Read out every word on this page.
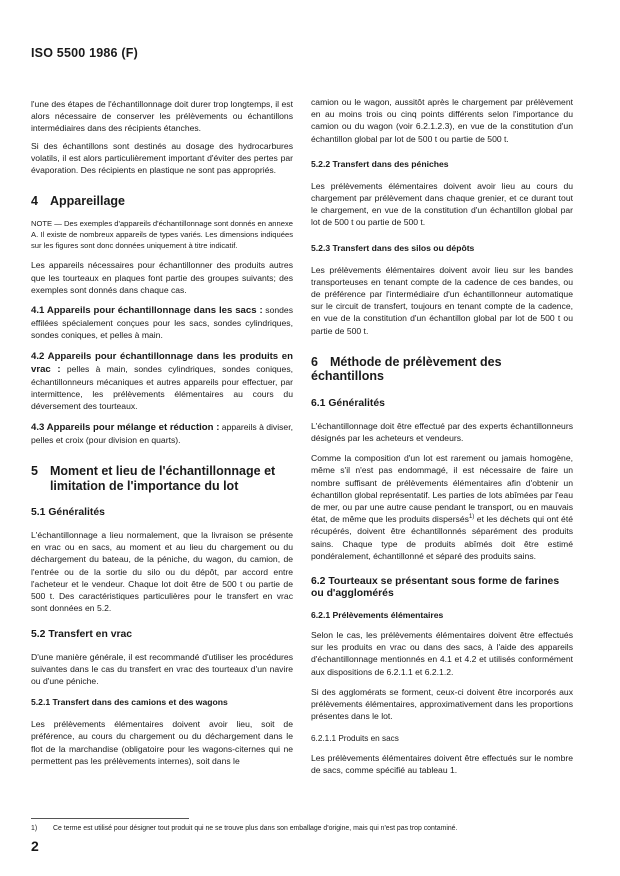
ISO 5500 1986 (F)

l'une des étapes de l'échantillonnage doit durer trop longtemps, il est alors nécessaire de conserver les prélèvements ou échantillons intermédiaires dans des récipients étanches.

Si des échantillons sont destinés au dosage des hydrocarbures volatils, il est alors particulièrement important d'éviter des pertes par évaporation. Des récipients en plastique ne sont pas appropriés.

4 Appareillage

NOTE — Des exemples d'appareils d'échantillonnage sont donnés en annexe A. Il existe de nombreux appareils de types variés. Les dimensions indiquées sur les figures sont donc données uniquement à titre indicatif.

Les appareils nécessaires pour échantillonner des produits autres que les tourteaux en plaques font partie des groupes suivants; des exemples sont donnés dans chaque cas.

4.1 Appareils pour échantillonnage dans les sacs : sondes effilées spécialement conçues pour les sacs, sondes cylindriques, sondes coniques, et pelles à main.

4.2 Appareils pour échantillonnage dans les produits en vrac : pelles à main, sondes cylindriques, sondes coniques, échantillonneurs mécaniques et autres appareils pour effectuer, par intermittence, les prélèvements élémentaires au cours du déversement des tourteaux.

4.3 Appareils pour mélange et réduction : appareils à diviser, pelles et croix (pour division en quarts).

5 Moment et lieu de l'échantillonnage et limitation de l'importance du lot
5.1 Généralités

L'échantillonnage a lieu normalement, que la livraison se présente en vrac ou en sacs, au moment et au lieu du chargement ou du déchargement du bateau, de la péniche, du wagon, du camion, de l'entrée ou de la sortie du silo ou du dépôt, par accord entre l'acheteur et le vendeur. Chaque lot doit être de 500 t ou partie de 500 t. Des caractéristiques particulières pour le transfert en vrac sont données en 5.2.

5.2 Transfert en vrac

D'une manière générale, il est recommandé d'utiliser les procédures suivantes dans le cas du transfert en vrac des tourteaux d'un navire ou d'une péniche.

5.2.1 Transfert dans des camions et des wagons

Les prélèvements élémentaires doivent avoir lieu, soit de préférence, au cours du chargement ou du déchargement dans le flot de la marchandise (obligatoire pour les wagons-citernes qui ne permettent pas les prélèvements internes), soit dans le

camion ou le wagon, aussitôt après le chargement par prélèvement en au moins trois ou cinq points différents selon l'importance du camion ou du wagon (voir 6.2.1.2.3), en vue de la constitution d'un échantillon global par lot de 500 t ou partie de 500 t.

5.2.2 Transfert dans des péniches

Les prélèvements élémentaires doivent avoir lieu au cours du chargement par prélèvement dans chaque grenier, et ce durant tout le chargement, en vue de la constitution d'un échantillon global par lot de 500 t ou partie de 500 t.

5.2.3 Transfert dans des silos ou dépôts

Les prélèvements élémentaires doivent avoir lieu sur les bandes transporteuses en tenant compte de la cadence de ces bandes, ou de préférence par l'intermédiaire d'un échantillonneur automatique sur le circuit de transfert, toujours en tenant compte de la cadence, en vue de la constitution d'un échantillon global par lot de 500 t ou partie de 500 t.

6 Méthode de prélèvement des échantillons
6.1 Généralités

L'échantillonnage doit être effectué par des experts échantillonneurs désignés par les acheteurs et vendeurs.

Comme la composition d'un lot est rarement ou jamais homogène, même s'il n'est pas endommagé, il est nécessaire de faire un nombre suffisant de prélèvements élémentaires afin d'obtenir un échantillon global représentatif. Les parties de lots abîmées par l'eau de mer, ou par une autre cause pendant le transport, ou en mauvais état, de même que les produits dispersés$^{1)}$ et les déchets qui ont été récupérés, doivent être échantillonnés séparément des produits sains. Chaque type de produits abîmés doit être estimé pondéralement, échantillonné et séparé des produits sains.

6.2 Tourteaux se présentant sous forme de farines ou d'agglomérés
6.2.1 Prélèvements élémentaires

Selon le cas, les prélèvements élémentaires doivent être effectués sur les produits en vrac ou dans des sacs, à l'aide des appareils d'échantillonnage mentionnés en 4.1 et 4.2 et utilisés conformément aux dispositions de 6.2.1.1 et 6.2.1.2.

Si des agglomérats se forment, ceux-ci doivent être incorporés aux prélèvements élémentaires, approximativement dans les proportions présentes dans le lot.

6.2.1.1 Produits en sacs

Les prélèvements élémentaires doivent être effectués sur le nombre de sacs, comme spécifié au tableau 1.

1) Ce terme est utilisé pour désigner tout produit qui ne se trouve plus dans son emballage d'origine, mais qui n'est pas trop contaminé.
2
